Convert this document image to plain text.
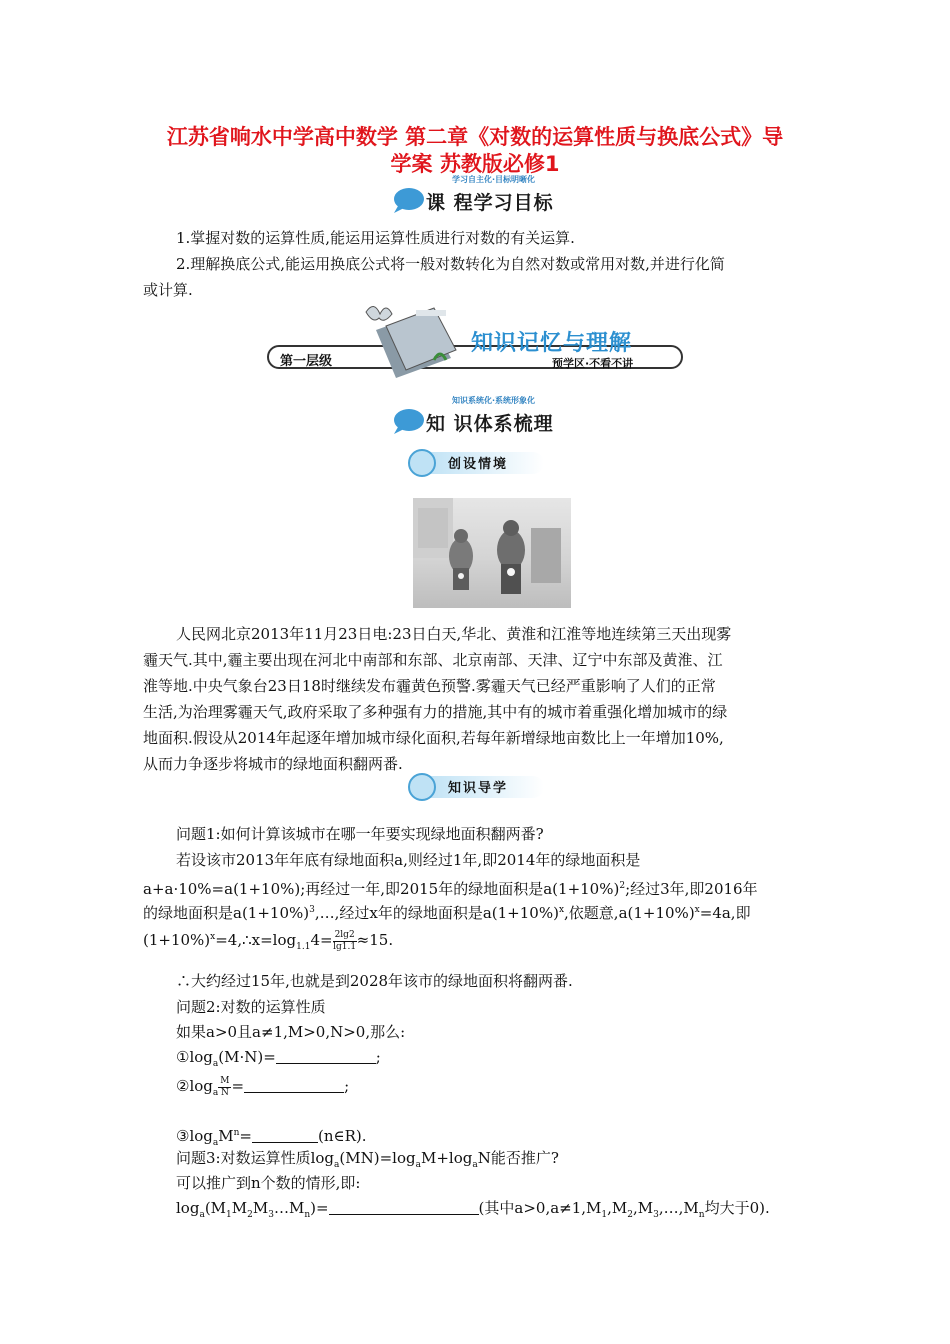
江苏省响水中学高中数学 第二章《对数的运算性质与换底公式》导
学案 苏教版必修1
学习自主化·目标明晰化
课 程学习目标
1.掌握对数的运算性质,能运用运算性质进行对数的有关运算.
2.理解换底公式,能运用换底公式将一般对数转化为自然对数或常用对数,并进行化简
或计算.
第一层级
知识记忆与理解
预学区·不看不讲
知识系统化·系统形象化
知 识体系梳理
创设情境
人民网北京2013年11月23日电:23日白天,华北、黄淮和江淮等地连续第三天出现雾
霾天气.其中,霾主要出现在河北中南部和东部、北京南部、天津、辽宁中东部及黄淮、江
淮等地.中央气象台23日18时继续发布霾黄色预警.雾霾天气已经严重影响了人们的正常
生活,为治理雾霾天气,政府采取了多种强有力的措施,其中有的城市着重强化增加城市的绿
地面积.假设从2014年起逐年增加城市绿化面积,若每年新增绿地亩数比上一年增加10%,
从而力争逐步将城市的绿地面积翻两番.
知识导学
问题1:如何计算该城市在哪一年要实现绿地面积翻两番?
若设该市2013年年底有绿地面积a,则经过1年,即2014年的绿地面积是
a+a·10%=a(1+10%);再经过一年,即2015年的绿地面积是$a(1+10\%)^2$;经过3年,即2016年
的绿地面积是$a(1+10\%)^3,\dots$,经过x年的绿地面积是$a(1+10\%)^x$,依题意$,a(1+10\%)^x=4a$,即
$(1+10\%)^x=4,\therefore x=\log_{1.1}4= \frac{2\lg 2}{\lg 1.1}\approx 15$.
∴大约经过15年,也就是到2028年该市的绿地面积将翻两番.
问题2:对数的运算性质
如果a>0且a≠1,M>0,N>0,那么:
$①\log_a(M\cdot N)=$	;
$②\log_a \frac{M}{N}=$	;
$③\log_aM^n=$	(n∈R).
问题3:对数运算性质$\log_a(MN)=\log_aM+\log_aN$能否推广?
可以推广到n个数的情形,即:
$\log_a(M_1M_2M_3\dots M_n)=$	(其中$a>0,a\ne 1,M_1,M_2,M_3,\dots,M_n$均大于0).
